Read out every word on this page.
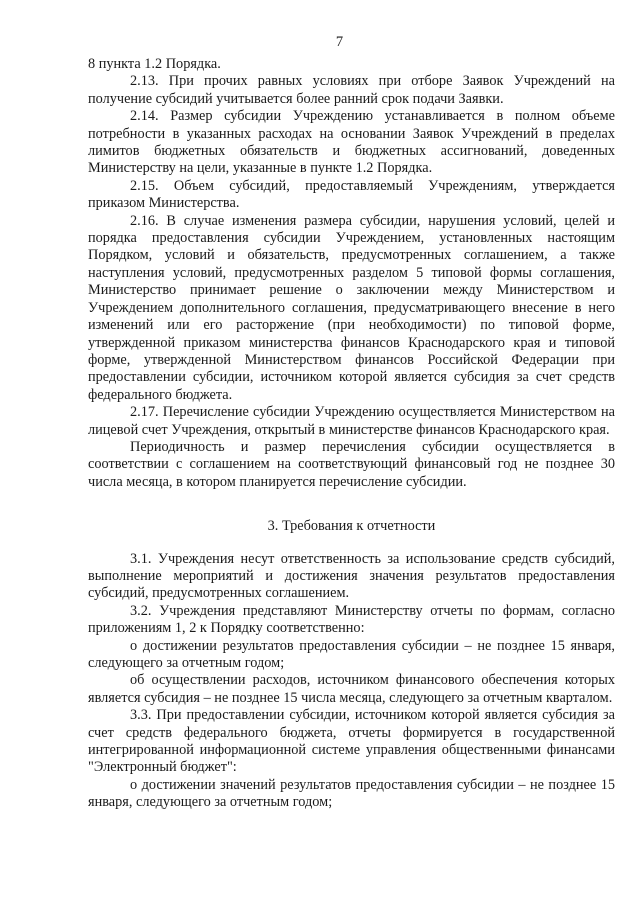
7

8 пункта 1.2 Порядка.

2.13. При прочих равных условиях при отборе Заявок Учреждений на получение субсидий учитывается более ранний срок подачи Заявки.

2.14. Размер субсидии Учреждению устанавливается в полном объеме потребности в указанных расходах на основании Заявок Учреждений в пределах лимитов бюджетных обязательств и бюджетных ассигнований, доведенных Министерству на цели, указанные в пункте 1.2 Порядка.

2.15. Объем субсидий, предоставляемый Учреждениям, утверждается приказом Министерства.

2.16. В случае изменения размера субсидии, нарушения условий, целей и порядка предоставления субсидии Учреждением, установленных настоящим Порядком, условий и обязательств, предусмотренных соглашением, а также наступления условий, предусмотренных разделом 5 типовой формы соглашения, Министерство принимает решение о заключении между Министерством и Учреждением дополнительного соглашения, предусматривающего внесение в него изменений или его расторжение (при необходимости) по типовой форме, утвержденной приказом министерства финансов Краснодарского края и типовой форме, утвержденной Министерством финансов Российской Федерации при предоставлении субсидии, источником которой является субсидия за счет средств федерального бюджета.

2.17. Перечисление субсидии Учреждению осуществляется Министерством на лицевой счет Учреждения, открытый в министерстве финансов Краснодарского края.

Периодичность и размер перечисления субсидии осуществляется в соответствии с соглашением на соответствующий финансовый год не позднее 30 числа месяца, в котором планируется перечисление субсидии.

3. Требования к отчетности

3.1. Учреждения несут ответственность за использование средств субсидий, выполнение мероприятий и достижения значения результатов предоставления субсидий, предусмотренных соглашением.

3.2. Учреждения представляют Министерству отчеты по формам, согласно приложениям 1, 2 к Порядку соответственно:

о достижении результатов предоставления субсидии – не позднее 15 января, следующего за отчетным годом;

об осуществлении расходов, источником финансового обеспечения которых является субсидия – не позднее 15 числа месяца, следующего за отчетным кварталом.

3.3. При предоставлении субсидии, источником которой является субсидия за счет средств федерального бюджета, отчеты формируется в государственной интегрированной информационной системе управления общественными финансами "Электронный бюджет":

о достижении значений результатов предоставления субсидии – не позднее 15 января, следующего за отчетным годом;
